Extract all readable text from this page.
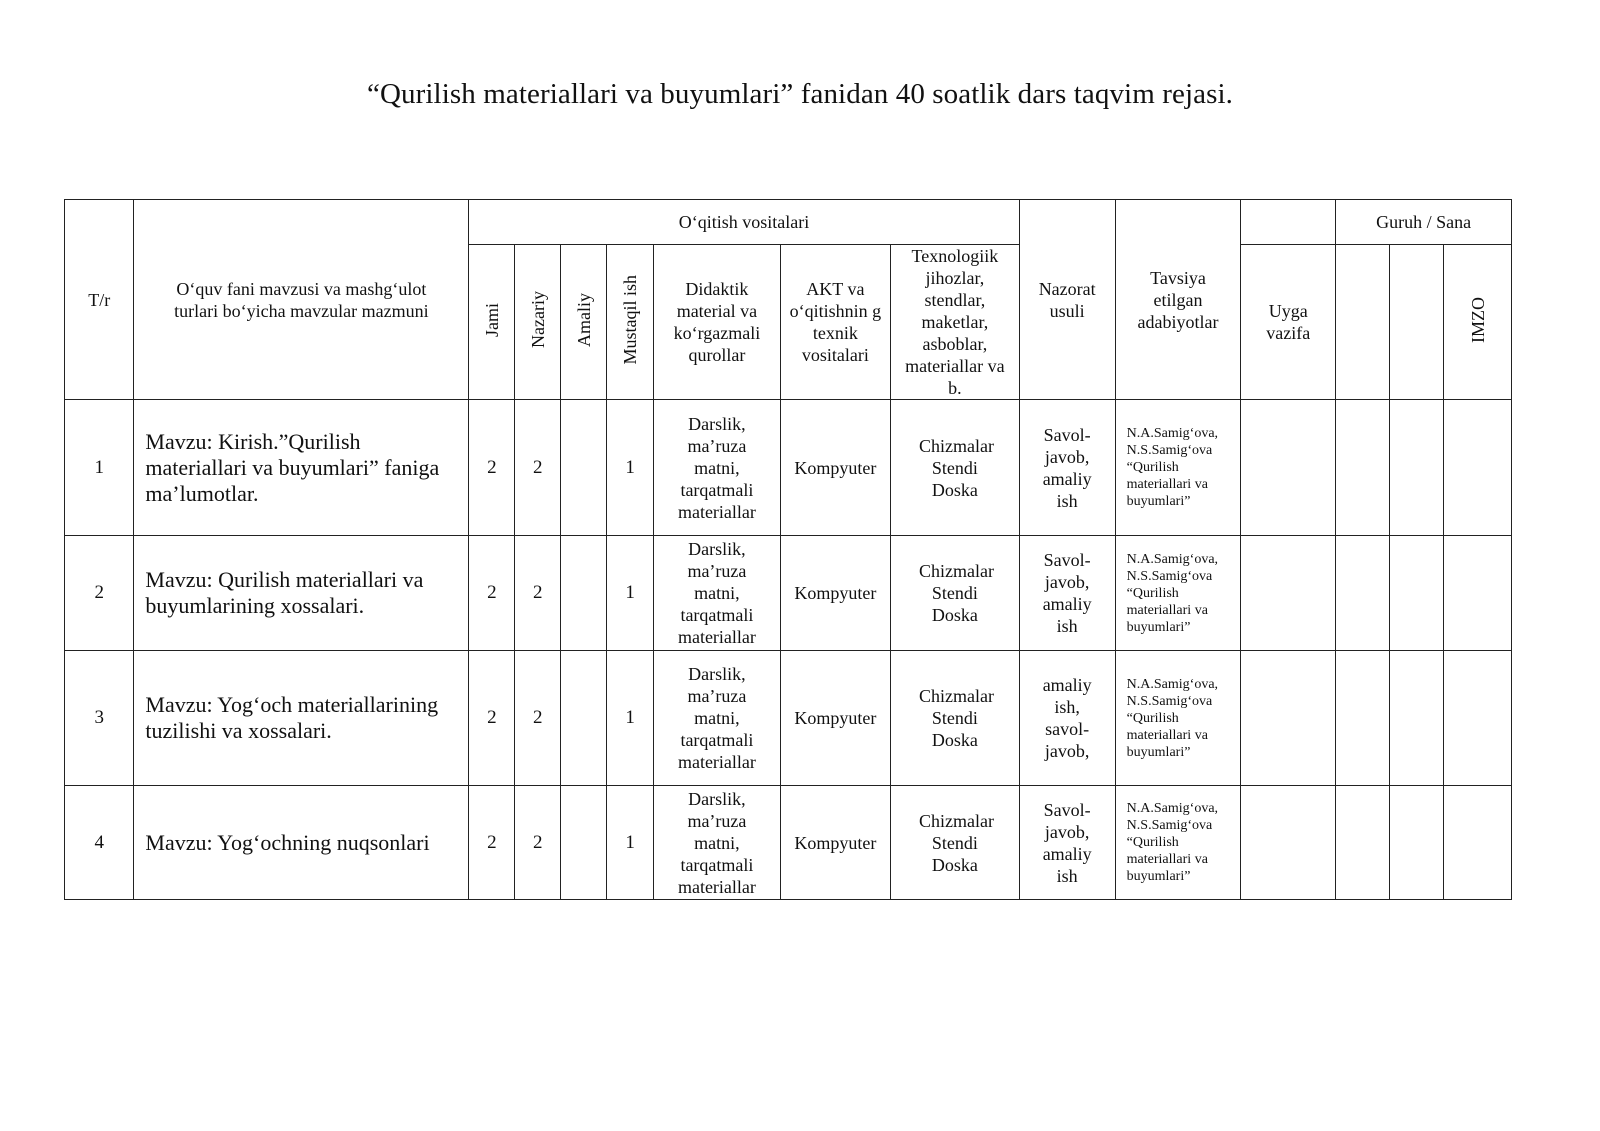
“Qurilish materiallari va buyumlari” fanidan 40 soatlik dars taqvim rejasi.
T/r	O‘quv fani mavzusi va mashg‘ulot turlari bo‘yicha mavzular mazmuni	O‘qitish vositalari							Nazorat usuli	Tavsiya etilgan adabiyotlar		Guruh / Sana		
		Jami	Nazariy	Amaliy	Mustaqil ish	Didaktik material va ko‘rgazmali qurollar	AKT va o‘qitishnin g texnik vositalari	Texnologiik jihozlar, stendlar, maketlar, asboblar, materiallar va b.			Uyga vazifa			IMZO
1	Mavzu: Kirish.”Qurilish materiallari va buyumlari” faniga ma’lumotlar.	2	2		1	Darslik, ma’ruza matni, tarqatmali materiallar	Kompyuter	Chizmalar Stendi Doska	Savol-javob, amaliy ish	N.A.Samig‘ova, N.S.Samig‘ova “Qurilish materiallari va buyumlari”				
2	Mavzu: Qurilish materiallari va buyumlarining xossalari.	2	2		1	Darslik, ma’ruza matni, tarqatmali materiallar	Kompyuter	Chizmalar Stendi Doska	Savol-javob, amaliy ish	N.A.Samig‘ova, N.S.Samig‘ova “Qurilish materiallari va buyumlari”				
3	Mavzu: Yog‘och materiallarining tuzilishi va xossalari.	2	2		1	Darslik, ma’ruza matni, tarqatmali materiallar	Kompyuter	Chizmalar Stendi Doska	amaliy ish, savol-javob,	N.A.Samig‘ova, N.S.Samig‘ova “Qurilish materiallari va buyumlari”				
4	Mavzu: Yog‘ochning nuqsonlari	2	2		1	Darslik, ma’ruza matni, tarqatmali materiallar	Kompyuter	Chizmalar Stendi Doska	Savol-javob, amaliy ish	N.A.Samig‘ova, N.S.Samig‘ova “Qurilish materiallari va buyumlari”				
